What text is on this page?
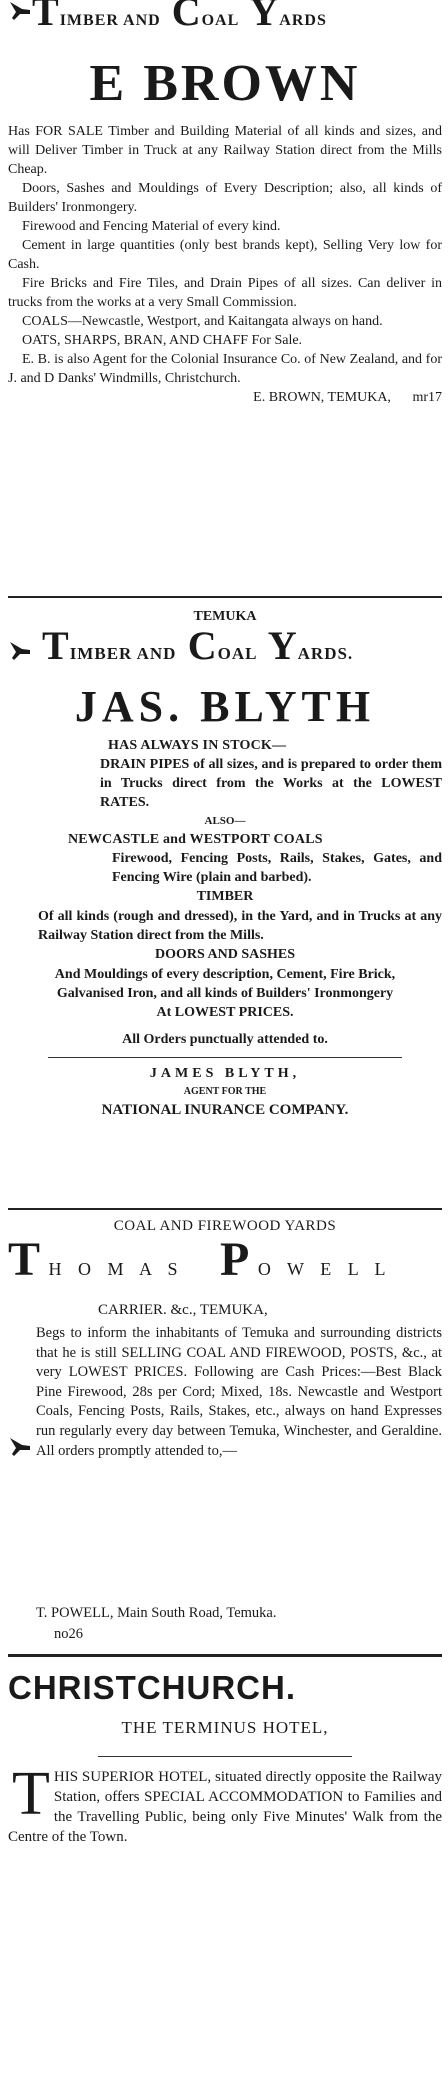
TIMBER AND COAL YARDS
E BROWN

Has FOR SALE Timber and Building Material of all kinds and sizes, and will Deliver Timber in Truck at any Railway Station direct from the Mills Cheap.

Doors, Sashes and Mouldings of Every Description; also, all kinds of Builders' Ironmongery.

Firewood and Fencing Material of every kind.

Cement in large quantities (only best brands kept), Selling Very low for Cash.

Fire Bricks and Fire Tiles, and Drain Pipes of all sizes. Can deliver in trucks from the works at a very Small Commission.

COALS—Newcastle, Westport, and Kaitangata always on hand.

OATS, SHARPS, BRAN, AND CHAFF For Sale.

E. B. is also Agent for the Colonial Insurance Co. of New Zealand, and for J. and D Danks' Windmills, Christchurch.

E. BROWN, TEMUKA, mr17

TEMUKA
TIMBER AND COAL YARDS.
JAS. BLYTH
HAS ALWAYS IN STOCK—

DRAIN PIPES of all sizes, and is prepared to order them in Trucks direct from the Works at the LOWEST RATES.

ALSO—
NEWCASTLE and WESTPORT COALS

Firewood, Fencing Posts, Rails, Stakes, Gates, and Fencing Wire (plain and barbed).

TIMBER

Of all kinds (rough and dressed), in the Yard, and in Trucks at any Railway Station direct from the Mills.

DOORS AND SASHES

And Mouldings of every description, Cement, Fire Brick, Galvanised Iron, and all kinds of Builders' Ironmongery

At LOWEST PRICES.
All Orders punctually attended to.
JAMES BLYTH,
AGENT FOR THE
NATIONAL INURANCE COMPANY.
COAL AND FIREWOOD YARDS
T H O M A S P O W E L L
CARRIER. &c., TEMUKA,

Begs to inform the inhabitants of Temuka and surrounding districts that he is still SELLING COAL AND FIREWOOD, POSTS, &c., at very LOWEST PRICES. Following are Cash Prices:—Best Black Pine Firewood, 28s per Cord; Mixed, 18s. Newcastle and Westport Coals, Fencing Posts, Rails, Stakes, etc., always on hand Expresses run regularly every day between Temuka, Winchester, and Geraldine. All orders promptly attended to,—

T. POWELL, Main South Road, Temuka.
no26
CHRISTCHURCH.
THE TERMINUS HOTEL,
T HIS SUPERIOR HOTEL, situated directly opposite the Railway Station, offers SPECIAL ACCOMMODATION to Families and the Travelling Public, being only Five Minutes' Walk from the Centre of the Town.
